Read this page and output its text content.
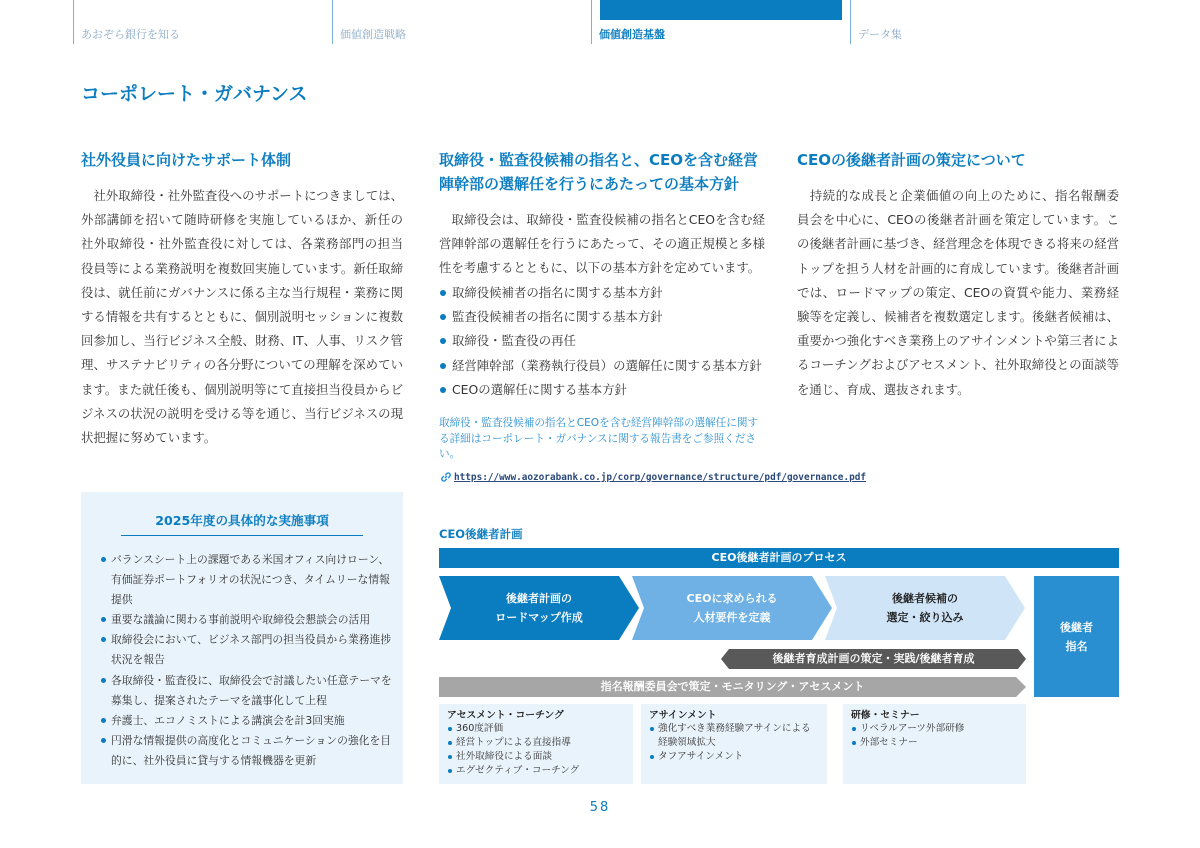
あおぞら銀行を知る	価値創造戦略	価値創造基盤	データ集
コーポレート・ガバナンス
社外役員に向けたサポート体制

　社外取締役・社外監査役へのサポートにつきましては、外部講師を招いて随時研修を実施しているほか、新任の社外取締役・社外監査役に対しては、各業務部門の担当役員等による業務説明を複数回実施しています。新任取締役は、就任前にガバナンスに係る主な当行規程・業務に関する情報を共有するとともに、個別説明セッションに複数回参加し、当行ビジネス全般、財務、IT、人事、リスク管理、サステナビリティの各分野についての理解を深めています。また就任後も、個別説明等にて直接担当役員からビジネスの状況の説明を受ける等を通じ、当行ビジネスの現状把握に努めています。

取締役・監査役候補の指名と、CEOを含む経営陣幹部の選解任を行うにあたっての基本方針

　取締役会は、取締役・監査役候補の指名とCEOを含む経営陣幹部の選解任を行うにあたって、その適正規模と多様性を考慮するとともに、以下の基本方針を定めています。

取締役候補者の指名に関する基本方針
監査役候補者の指名に関する基本方針
取締役・監査役の再任
経営陣幹部（業務執行役員）の選解任に関する基本方針
CEOの選解任に関する基本方針

取締役・監査役候補の指名とCEOを含む経営陣幹部の選解任に関する詳細はコーポレート・ガバナンスに関する報告書をご参照ください。

https://www.aozorabank.co.jp/corp/governance/structure/pdf/governance.pdf
CEOの後継者計画の策定について

　持続的な成長と企業価値の向上のために、指名報酬委員会を中心に、CEOの後継者計画を策定しています。この後継者計画に基づき、経営理念を体現できる将来の経営トップを担う人材を計画的に育成しています。後継者計画では、ロードマップの策定、CEOの資質や能力、業務経験等を定義し、候補者を複数選定します。後継者候補は、重要かつ強化すべき業務上のアサインメントや第三者によるコーチングおよびアセスメント、社外取締役との面談等を通じ、育成、選抜されます。

2025年度の具体的な実施事項
バランスシート上の課題である米国オフィス向けローン、有価証券ポートフォリオの状況につき、タイムリーな情報提供
重要な議論に関わる事前説明や取締役会懇談会の活用
取締役会において、ビジネス部門の担当役員から業務進捗状況を報告
各取締役・監査役に、取締役会で討議したい任意テーマを募集し、提案されたテーマを議事化して上程
弁護士、エコノミストによる講演会を計3回実施
円滑な情報提供の高度化とコミュニケーションの強化を目的に、社外役員に貸与する情報機器を更新
CEO後継者計画
CEO後継者計画のプロセス
後継者計画の
ロードマップ作成
CEOに求められる
人材要件を定義
後継者候補の
選定・絞り込み
後継者
指名
後継者育成計画の策定・実践/後継者育成
指名報酬委員会で策定・モニタリング・アセスメント
アセスメント・コーチング
360度評価
経営トップによる直接指導
社外取締役による面談
エグゼクティブ・コーチング
アサインメント
強化すべき業務経験アサインによる
経験領域拡大
タフアサインメント
研修・セミナー
リベラルアーツ外部研修
外部セミナー
58
